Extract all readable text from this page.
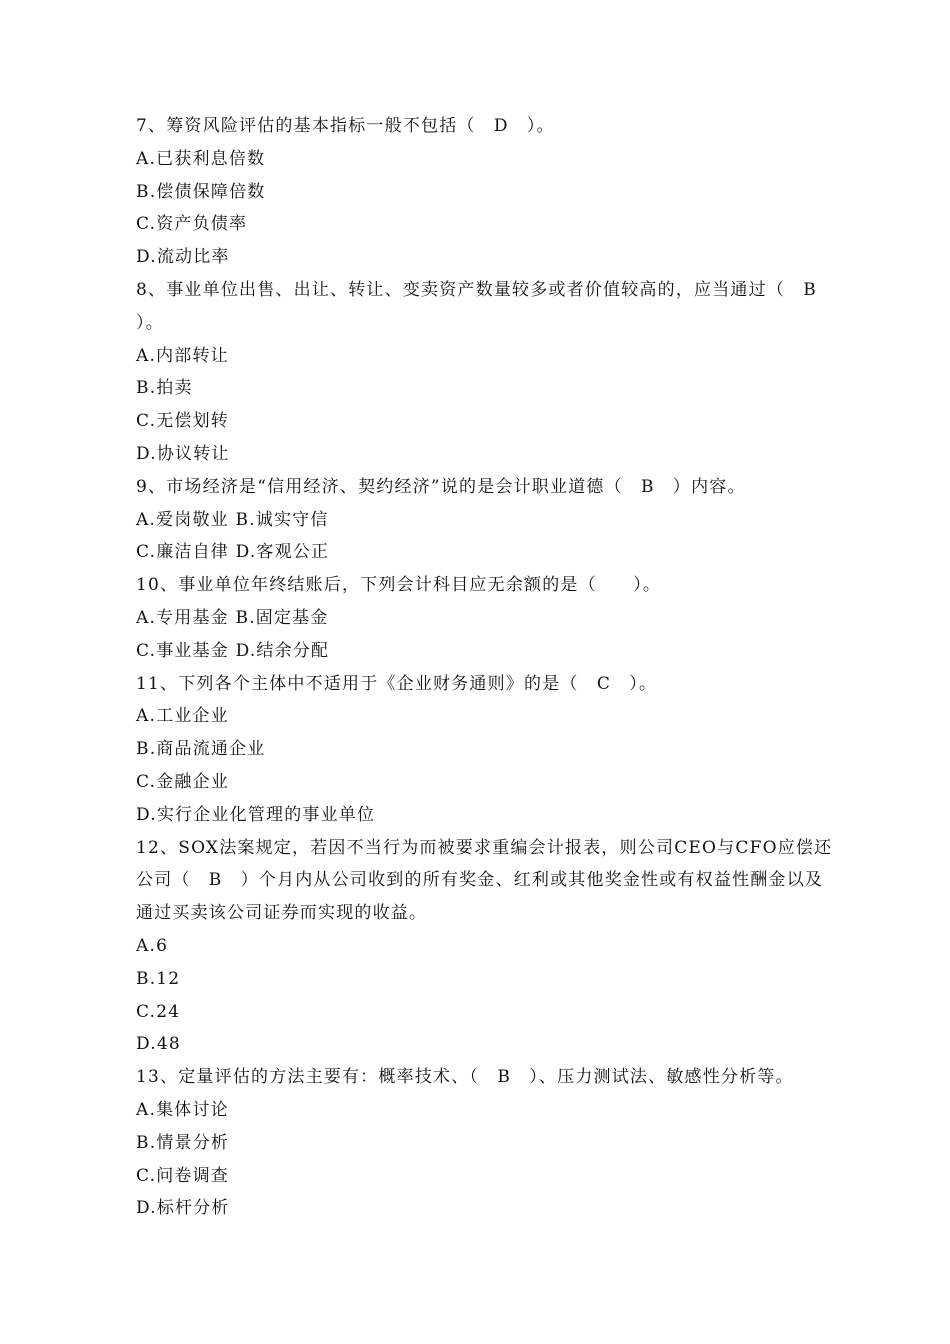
7、筹资风险评估的基本指标一般不包括（　D　）。
A.已获利息倍数
B.偿债保障倍数
C.资产负债率
D.流动比率
8、事业单位出售、出让、转让、变卖资产数量较多或者价值较高的，应当通过（　B
）。
A.内部转让
B.拍卖
C.无偿划转
D.协议转让
9、市场经济是“信用经济、契约经济”说的是会计职业道德（　B　）内容。
A.爱岗敬业 B.诚实守信
C.廉洁自律 D.客观公正
10、事业单位年终结账后，下列会计科目应无余额的是（　　）。
A.专用基金 B.固定基金
C.事业基金 D.结余分配
11、下列各个主体中不适用于《企业财务通则》的是（　C　）。
A.工业企业
B.商品流通企业
C.金融企业
D.实行企业化管理的事业单位
12、SOX法案规定，若因不当行为而被要求重编会计报表，则公司CEO与CFO应偿还
公司（　B　）个月内从公司收到的所有奖金、红利或其他奖金性或有权益性酬金以及
通过买卖该公司证券而实现的收益。
A.6
B.12
C.24
D.48
13、定量评估的方法主要有：概率技术、（　B　）、压力测试法、敏感性分析等。
A.集体讨论
B.情景分析
C.问卷调查
D.标杆分析
